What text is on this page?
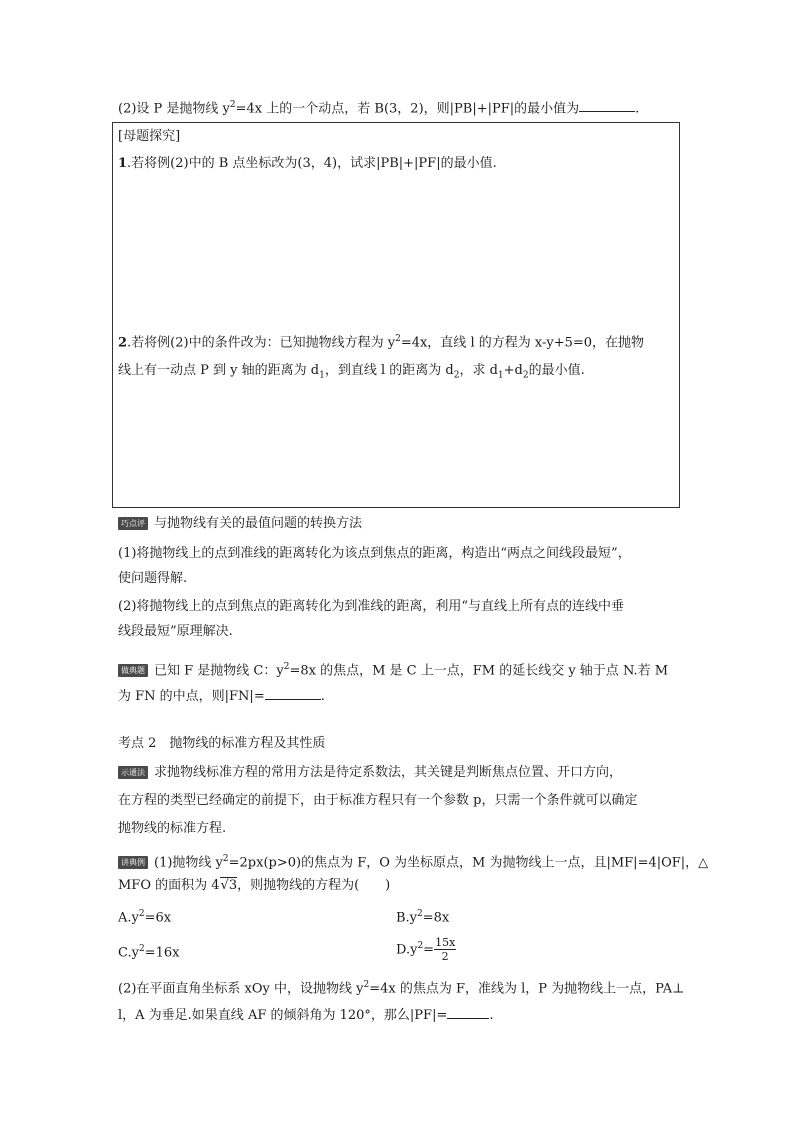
(2)设 P 是抛物线 $y^2=4x$ 上的一个动点，若 B(3，2)，则|PB|+|PF|的最小值为	.
[母题探究]
1.若将例(2)中的 B 点坐标改为(3，4)，试求|PB|+|PF|的最小值.
2.若将例(2)中的条件改为：已知抛物线方程为 $y^2=4x$，直线 l 的方程为 x-y+5=0，在抛物
线上有一动点 P 到 y 轴的距离为 $d_1$，到直线 l 的距离为 $d_2$，求 $d_1+d_2$的最小值.
巧点评 与抛物线有关的最值问题的转换方法
(1)将抛物线上的点到准线的距离转化为该点到焦点的距离，构造出“两点之间线段最短”，
使问题得解.
(2)将抛物线上的点到焦点的距离转化为到准线的距离，利用“与直线上所有点的连线中垂
线段最短”原理解决.
做典题 已知 F 是抛物线 C：$y^2=8x$ 的焦点，M 是 C 上一点，FM 的延长线交 y 轴于点 N.若 M
为 FN 的中点，则|FN|=	.
考点 2　抛物线的标准方程及其性质
示通法 求抛物线标准方程的常用方法是待定系数法，其关键是判断焦点位置、开口方向，
在方程的类型已经确定的前提下，由于标准方程只有一个参数 p，只需一个条件就可以确定
抛物线的标准方程.
讲典例 (1)抛物线 $y^2=2px(p>0)$的焦点为 F，O 为坐标原点，M 为抛物线上一点，且|MF|=4|OF|，△
MFO 的面积为 4√3，则抛物线的方程为(　　)
$A.y^2=6x$	$B.y^2=8x$
$C.y^2=16x$	$D.y^2= \frac{15x}{2}$
(2)在平面直角坐标系 xOy 中，设抛物线 $y^2=4x$ 的焦点为 F，准线为 l，P 为抛物线上一点，PA⊥
l，A 为垂足.如果直线 AF 的倾斜角为 120°，那么|PF|=	.
